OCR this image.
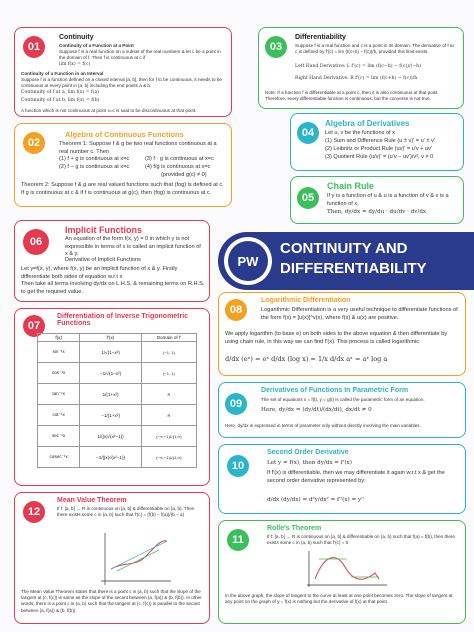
01
Continuity
Continuity of a Function at a Point
Suppose f is a real function on a subset of the real numbers & let c be a point in the domain of f. Then f is continuous at c if
lim f(x) = f(c)
Continuity of a Function in an Interval
Suppose f is a function defined on a closed interval [a, b], then for f to be continuous, it needs to be continuous at every point in [a, b] including the end points a & b.
Continuity of f at a, lim f(x) = f(a)
Continuity of f at b, lim f(x) = f(b)
A function which is not continuous at point x=c is said to be discontinuous at that point.
02
Algebra of Continuous Functions
Theorem 1: Suppose f & g be two real functions continuous at a real number c. Then
(1) f + g is continuous at x=c	(3) f · g is continuous at x=c
(2) f − g is continuous at x=c	(4) f/g is continuous at x=c
(provided g(c) ≠ 0)
Theorem 2: Suppose f & g are real valued functions such that (fog) is defined at c. If g is continuous at c & if f is continuous at g(c), then (fog) is continuous at c.
03
Differentiability
Suppose f is a real function and c is a point in its domain. The derivative of f at c is defined by f'(c) = lim (f(c+h) − f(c))/h, provided this limit exists.
Left Hand Derivative: L f'(c) = lim (f(c−h) − f(c))/(−h)
Right Hand Derivative: R f'(c) = lim (f(c+h) − f(c))/h
Note: If a function f is differentiable at a point c, then it is also continuous at that point. Therefore, every differentiable function is continuous, but the converse is not true.
04
Algebra of Derivatives
Let u, v be the functions of x
(1) Sum and Difference Rule (u ± v)' = u' ± v'
(2) Leibnitz or Product Rule (uv)' = u'v + uv'
(3) Quotient Rule (u/v)' = (u'v − uv')/v², v ≠ 0
05
Chain Rule
If y is a function of u & u is a function of v & v is a function of x,
Then, dy/dx = dy/du · du/dv · dv/dx
06
Implicit Functions
An equation of the form f(x, y) = 0 in which y is not expressible in terms of x is called an implicit function of x & y.
Derivative of Implicit Functions
Let y=f(x, y), where f(x, y) be an implicit function of x & y. Firstly differentiate both sides of equation w.r.t x
Then take all terms involving dy/dx on L.H.S. & remaining terms on R.H.S. to get the required value.
PW
CONTINUITY AND
DIFFERENTIABILITY
07
Differentiation of Inverse Trigonometric Functions
f(x)	f'(x)	Domain of f'
sin⁻¹x	1/√(1−x²)	(−1, 1)
cos⁻¹x	−1/√(1−x²)	(−1, 1)
tan⁻¹x	1/(1+x²)	R
cot⁻¹x	−1/(1+x²)	R
sec⁻¹x	1/(|x|√(x²−1))	(−∞,−1)∪(1,∞)
cosec⁻¹x	−1/(|x|√(x²−1))	(−∞,−1)∪(1,∞)
08
Logarithmic Differentiation
Logarithmic Differentiation is a very useful technique to differentiate functions of the form f(x) = [u(x)]^v(x), where f(x) & u(x) are positive.
We apply logarithm (to base e) on both sides to the above equation & then differentiate by using chain rule, in this way we can find f'(x). This process is called logarithmic
d/dx (eˣ) = eˣ d/dx (log x) = 1/x d/dx aˣ = aˣ log a
09
Derivatives of Functions In Parametric Form
The set of equations x = f(t), y = g(t) is called the parametric form of an equation.
Here, dy/dx = (dy/dt)/(dx/dt), dx/dt ≠ 0
Here, dy/dx is expressed in terms of parameter only without directly involving the main variables.
10
Second Order Derivative
Let y = f(x), then dy/dx = f'(x)
If f'(x) is differentiable, then we may differentiate it again w.r.t x & get the second order derivative represented by:
d/dx (dy/dx) = d²y/dx² = f''(x) = y''
11
Rolle's Theorem
If f: [a, b] → R is continuous on [a, b] & differentiable on (a, b) such that f(a) = f(b), then there exists some c in (a, b) such that f'(c) = 0
In the above graph, the slope of tangent to the curve at least at one point becomes zero. The slope of tangent at any point on the graph of y = f(x) is nothing but the derivative of f(x) at that point.
12
Mean Value Theorem
If f: [a, b] → R is continuous on [a, b] & differentiable on (a, b). Then there exists some c in (a, b) such that f'(c) = (f(b) − f(a))/(b − a)
The Mean Value Theorem states that there is a point c in (a, b) such that the slope of the tangent at (c, f(c)) is same as the slope of the secant between (a, f(a)) & (b, f(b)). In other words, there is a point c in (a, b) such that the tangent at (c, f(c)) is parallel to the secant between (a, f(a)) & (b, f(b)).
